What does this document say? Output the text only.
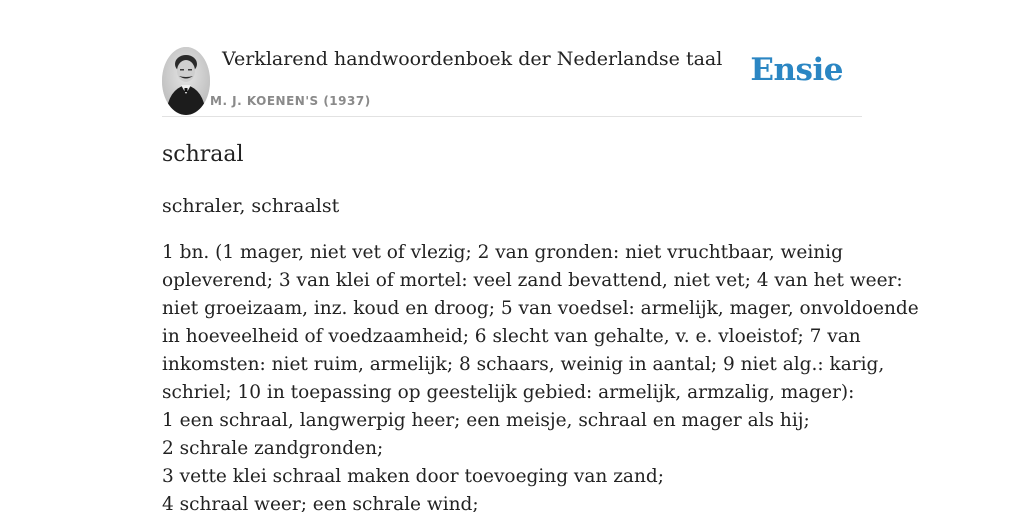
Verklarend handwoordenboek der Nederlandse taal
M. J. KOENEN'S (1937)
Ensie
schraal
schraler, schraalst
1 bn. (1 mager, niet vet of vlezig; 2 van gronden: niet vruchtbaar, weinig
opleverend; 3 van klei of mortel: veel zand bevattend, niet vet; 4 van het weer:
niet groeizaam, inz. koud en droog; 5 van voedsel: armelijk, mager, onvoldoende
in hoeveelheid of voedzaamheid; 6 slecht van gehalte, v. e. vloeistof; 7 van
inkomsten: niet ruim, armelijk; 8 schaars, weinig in aantal; 9 niet alg.: karig,
schriel; 10 in toepassing op geestelijk gebied: armelijk, armzalig, mager):
1 een schraal, langwerpig heer; een meisje, schraal en mager als hij;
2 schrale zandgronden;
3 vette klei schraal maken door toevoeging van zand;
4 schraal weer; een schrale wind;
